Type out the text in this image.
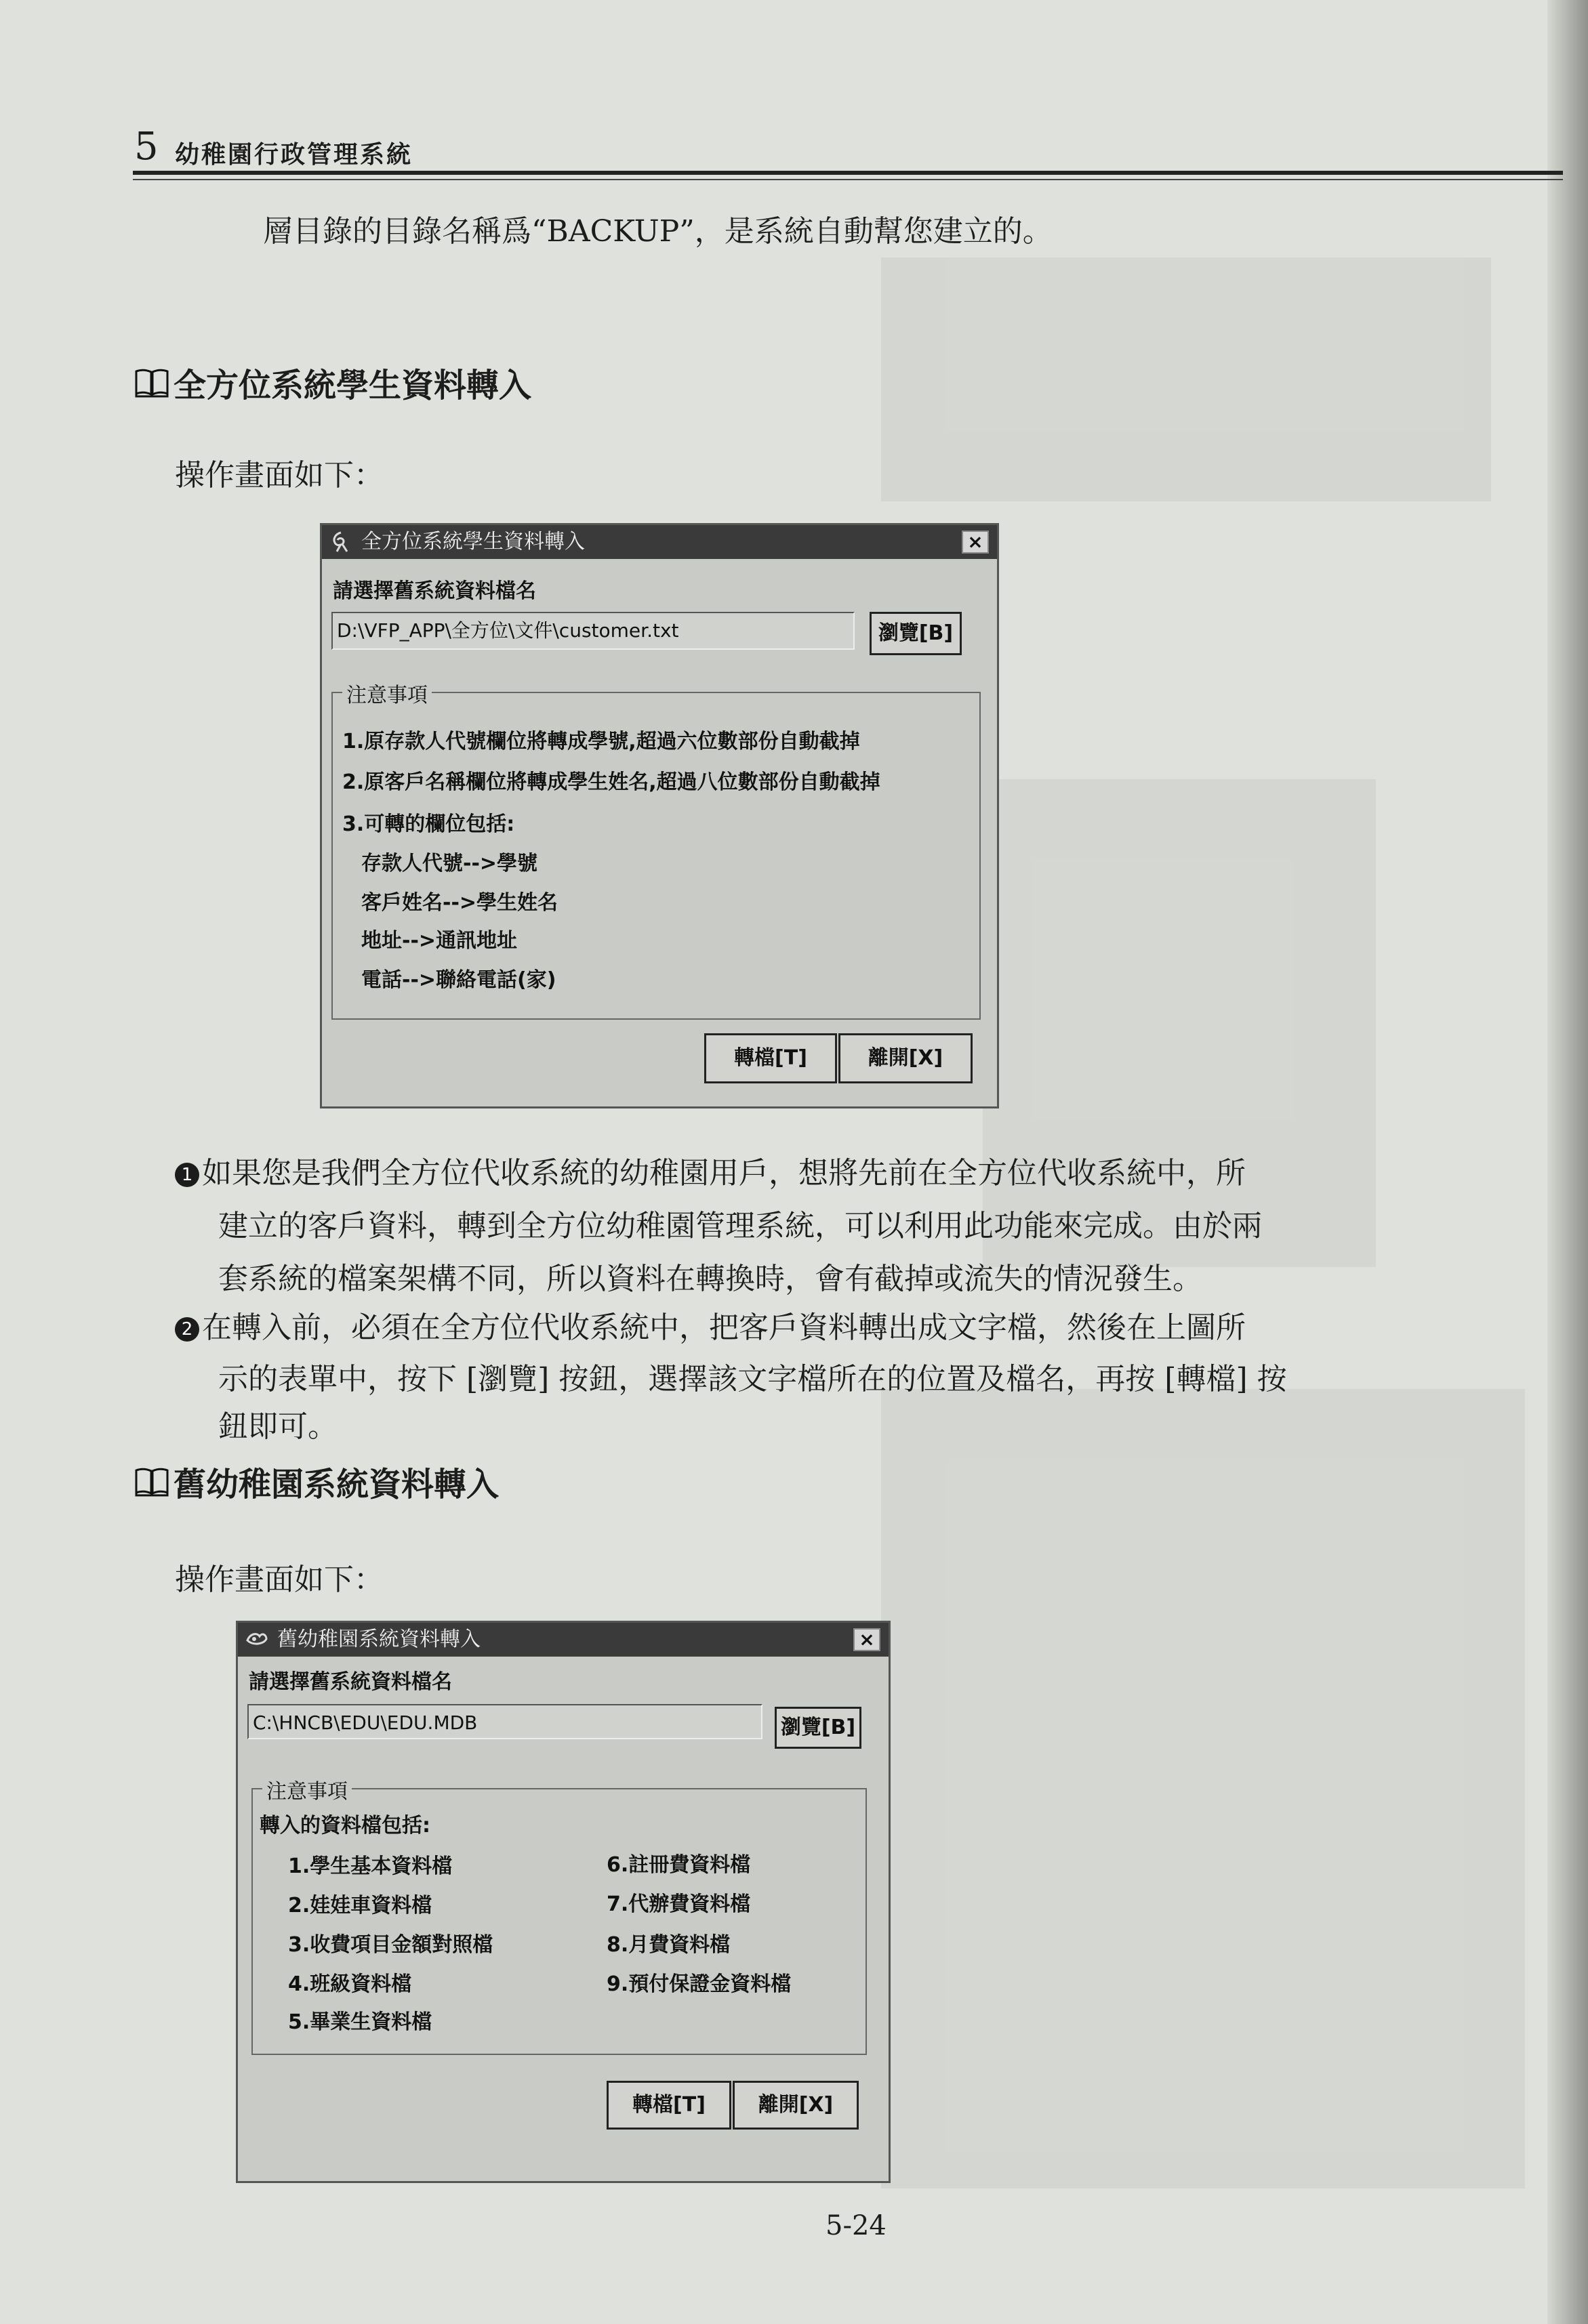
5 幼稚園行政管理系統
層目錄的目錄名稱爲“BACKUP”，是系統自動幫您建立的。
全方位系統學生資料轉入
操作畫面如下：
全方位系統學生資料轉入	×
請選擇舊系統資料檔名
D:\VFP_APP\全方位\文件\customer.txt	瀏覽[B]
注意事項
1.原存款人代號欄位將轉成學號,超過六位數部份自動截掉
2.原客戶名稱欄位將轉成學生姓名,超過八位數部份自動截掉
3.可轉的欄位包括:
存款人代號-->學號
客戶姓名-->學生姓名
地址-->通訊地址
電話-->聯絡電話(家)
轉檔[T]	離開[X]
1 如果您是我們全方位代收系統的幼稚園用戶，想將先前在全方位代收系統中，所
建立的客戶資料，轉到全方位幼稚園管理系統，可以利用此功能來完成。由於兩
套系統的檔案架構不同，所以資料在轉換時，會有截掉或流失的情況發生。
2 在轉入前，必須在全方位代收系統中，把客戶資料轉出成文字檔，然後在上圖所
示的表單中，按下 [瀏覽] 按鈕，選擇該文字檔所在的位置及檔名，再按 [轉檔] 按
鈕即可。
舊幼稚園系統資料轉入
操作畫面如下：
舊幼稚園系統資料轉入	×
請選擇舊系統資料檔名
C:\HNCB\EDU\EDU.MDB	瀏覽[B]
注意事項
轉入的資料檔包括:
1.學生基本資料檔
2.娃娃車資料檔
3.收費項目金額對照檔
4.班級資料檔
5.畢業生資料檔
6.註冊費資料檔
7.代辦費資料檔
8.月費資料檔
9.預付保證金資料檔
轉檔[T]	離開[X]
5-24
